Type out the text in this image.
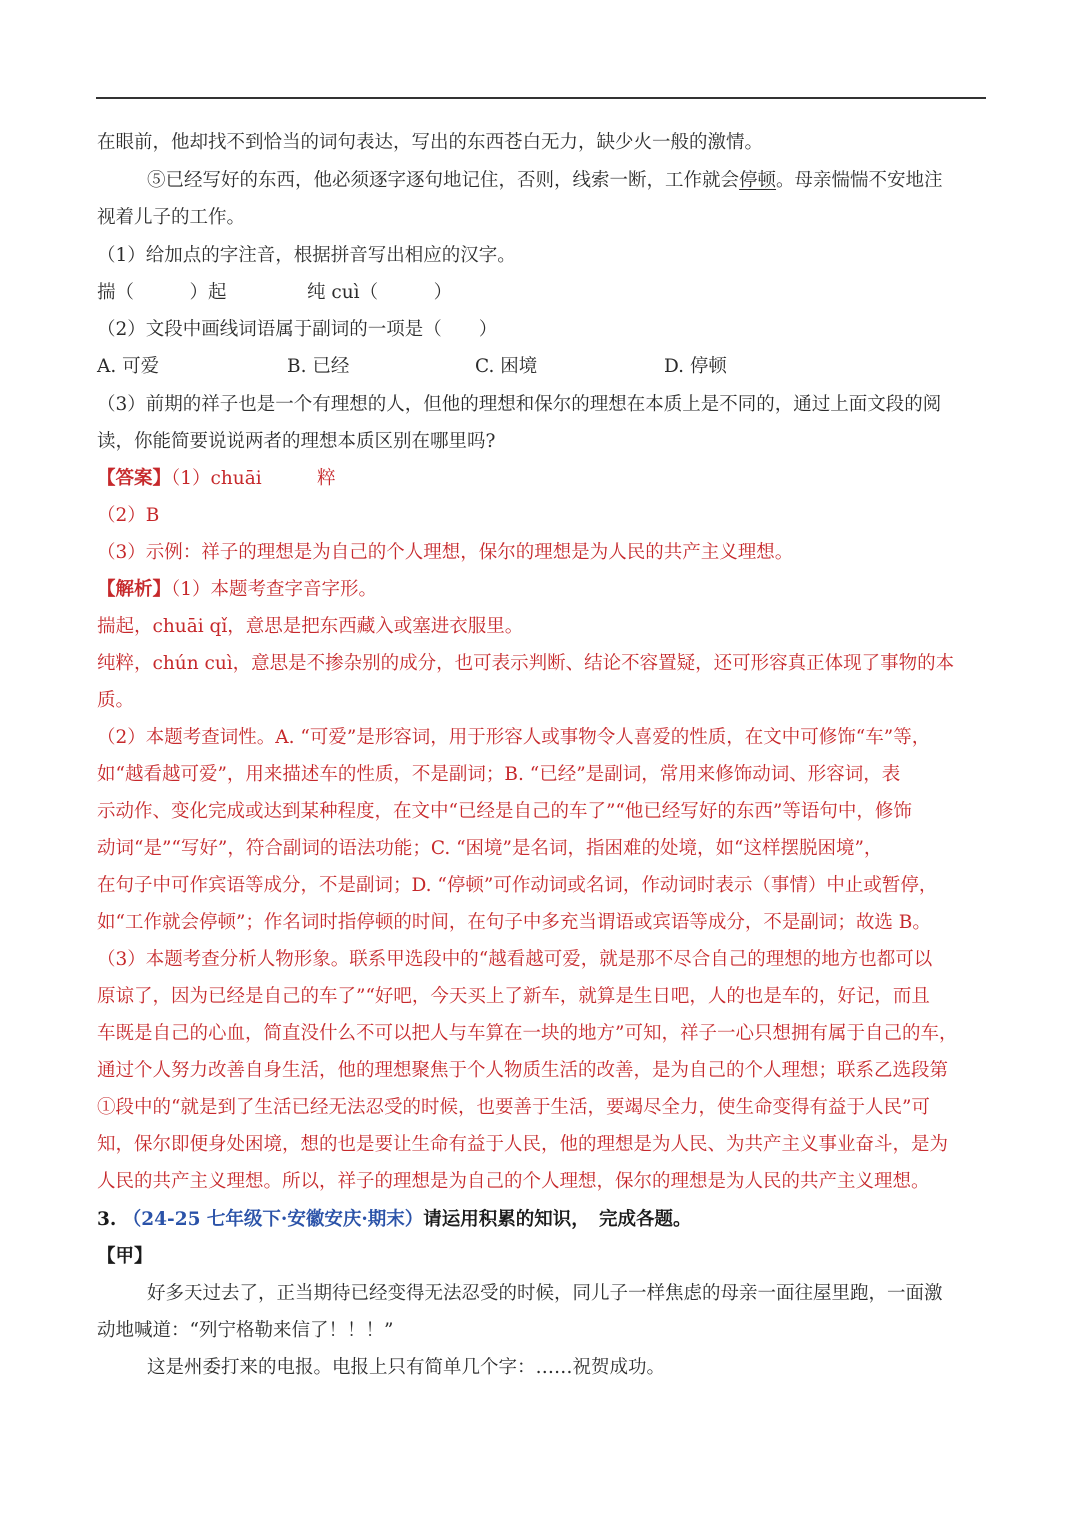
在眼前，他却找不到恰当的词句表达，写出的东西苍白无力，缺少火一般的激情。
⑤已经写好的东西，他必须逐字逐句地记住，否则，线索一断，工作就会停顿。母亲惴惴不安地注
视着儿子的工作。
（1）给加点的字注音，根据拼音写出相应的汉字。
揣（　　　）起	纯 cuì（　　　）
（2）文段中画线词语属于副词的一项是（　　）
A. 可爱	B. 已经	C. 困境	D. 停顿
（3）前期的祥子也是一个有理想的人，但他的理想和保尔的理想在本质上是不同的，通过上面文段的阅
读，你能简要说说两者的理想本质区别在哪里吗?
【答案】（1）chuāi　　　粹
（2）B
（3）示例：祥子的理想是为自己的个人理想，保尔的理想是为人民的共产主义理想。
【解析】（1）本题考查字音字形。
揣起，chuāi qǐ，意思是把东西藏入或塞进衣服里。
纯粹，chún cuì，意思是不掺杂别的成分，也可表示判断、结论不容置疑，还可形容真正体现了事物的本
质。
（2）本题考查词性。A. “可爱”是形容词，用于形容人或事物令人喜爱的性质，在文中可修饰“车”等，
如“越看越可爱”，用来描述车的性质，不是副词；B. “已经”是副词，常用来修饰动词、形容词，表
示动作、变化完成或达到某种程度，在文中“已经是自己的车了”“他已经写好的东西”等语句中，修饰
动词“是”“写好”，符合副词的语法功能；C. “困境”是名词，指困难的处境，如“这样摆脱困境”，
在句子中可作宾语等成分，不是副词；D. “停顿”可作动词或名词，作动词时表示（事情）中止或暂停，
如“工作就会停顿”；作名词时指停顿的时间，在句子中多充当谓语或宾语等成分，不是副词；故选 B。
（3）本题考查分析人物形象。联系甲选段中的“越看越可爱，就是那不尽合自己的理想的地方也都可以
原谅了，因为已经是自己的车了”“好吧，今天买上了新车，就算是生日吧，人的也是车的，好记，而且
车既是自己的心血，简直没什么不可以把人与车算在一块的地方”可知，祥子一心只想拥有属于自己的车，
通过个人努力改善自身生活，他的理想聚焦于个人物质生活的改善，是为自己的个人理想；联系乙选段第
①段中的“就是到了生活已经无法忍受的时候，也要善于生活，要竭尽全力，使生命变得有益于人民”可
知，保尔即便身处困境，想的也是要让生命有益于人民，他的理想是为人民、为共产主义事业奋斗，是为
人民的共产主义理想。所以，祥子的理想是为自己的个人理想，保尔的理想是为人民的共产主义理想。
3. （24-25 七年级下·安徽安庆·期末）请运用积累的知识，　完成各题。
【甲】
好多天过去了，正当期待已经变得无法忍受的时候，同儿子一样焦虑的母亲一面往屋里跑，一面激
动地喊道：“列宁格勒来信了！！！”
这是州委打来的电报。电报上只有简单几个字：……祝贺成功。
